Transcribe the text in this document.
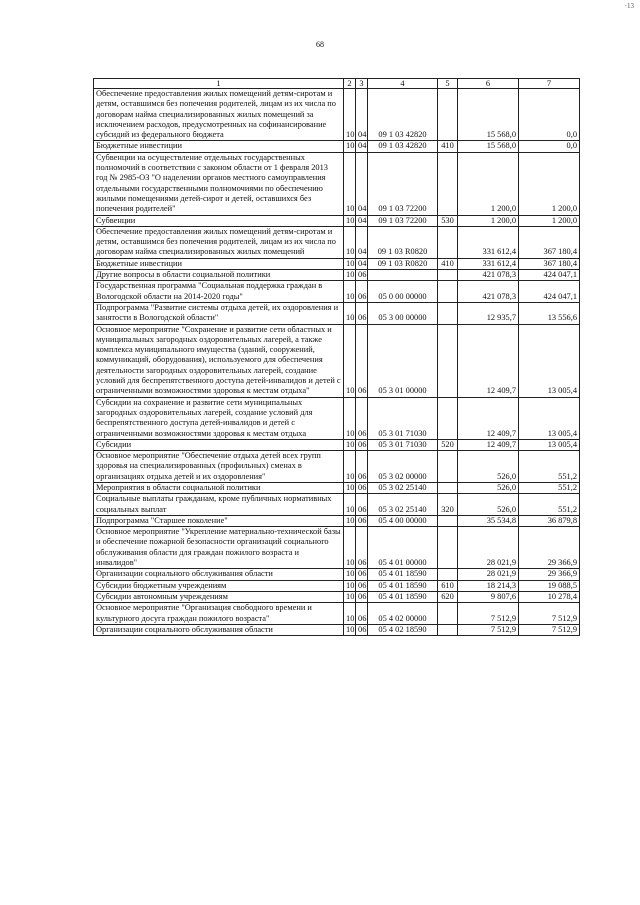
68
·13
1	2	3	4	5	6	7
Обеспечение предоставления жилых помещений детям-сиротам и детям, оставшимся без попечения родителей, лицам из их числа по договорам найма специализированных жилых помещений за исключением расходов, предусмотренных на софинансирование субсидий из федерального бюджета	10	04	09 1 03 42820		15 568,0	0,0
Бюджетные инвестиции	10	04	09 1 03 42820	410	15 568,0	0,0
Субвенции на осуществление отдельных государственных полномочий в соответствии с законом области от 1 февраля 2013 год № 2985-ОЗ "О наделении органов местного самоуправления отдельными государственными полномочиями по обеспечению жилыми помещениями детей-сирот и детей, оставшихся без попечения родителей"	10	04	09 1 03 72200		1 200,0	1 200,0
Субвенции	10	04	09 1 03 72200	530	1 200,0	1 200,0
Обеспечение предоставления жилых помещений детям-сиротам и детям, оставшимся без попечения родителей, лицам из их числа по договорам найма специализированных жилых помещений	10	04	09 1 03 R0820		331 612,4	367 180,4
Бюджетные инвестиции	10	04	09 1 03 R0820	410	331 612,4	367 180,4
Другие вопросы в области социальной политики	10	06			421 078,3	424 047,1
Государственная программа "Социальная поддержка граждан в Вологодской области на 2014-2020 годы"	10	06	05 0 00 00000		421 078,3	424 047,1
Подпрограмма "Развитие системы отдыха детей, их оздоровления и занятости в Вологодской области"	10	06	05 3 00 00000		12 935,7	13 556,6
Основное мероприятие "Сохранение и развитие сети областных и муниципальных загородных оздоровительных лагерей, а также комплекса муниципального имущества (зданий, сооружений, коммуникаций, оборудования), используемого для обеспечения деятельности загородных оздоровительных лагерей, создание условий для беспрепятственного доступа детей-инвалидов и детей с ограниченными возможностями здоровья к местам отдыха"	10	06	05 3 01 00000		12 409,7	13 005,4
Субсидии на сохранение и развитие сети муниципальных загородных оздоровительных лагерей, создание условий для беспрепятственного доступа детей-инвалидов и детей с ограниченными возможностями здоровья к местам отдыха	10	06	05 3 01 71030		12 409,7	13 005,4
Субсидии	10	06	05 3 01 71030	520	12 409,7	13 005,4
Основное мероприятие "Обеспечение отдыха детей всех групп здоровья на специализированных (профильных) сменах в организациях отдыха детей и их оздоровления"	10	06	05 3 02 00000		526,0	551,2
Мероприятия в области социальной политики	10	06	05 3 02 25140		526,0	551,2
Социальные выплаты гражданам, кроме публичных нормативных социальных выплат	10	06	05 3 02 25140	320	526,0	551,2
Подпрограмма "Старшее поколение"	10	06	05 4 00 00000		35 534,8	36 879,8
Основное мероприятие "Укрепление материально-технической базы и обеспечение пожарной безопасности организаций социального обслуживания области для граждан пожилого возраста и инвалидов"	10	06	05 4 01 00000		28 021,9	29 366,9
Организации социального обслуживания области	10	06	05 4 01 18590		28 021,9	29 366,9
Субсидии бюджетным учреждениям	10	06	05 4 01 18590	610	18 214,3	19 088,5
Субсидии автономным учреждениям	10	06	05 4 01 18590	620	9 807,6	10 278,4
Основное мероприятие "Организация свободного времени и культурного досуга граждан пожилого возраста"	10	06	05 4 02 00000		7 512,9	7 512,9
Организации социального обслуживания области	10	06	05 4 02 18590		7 512,9	7 512,9
